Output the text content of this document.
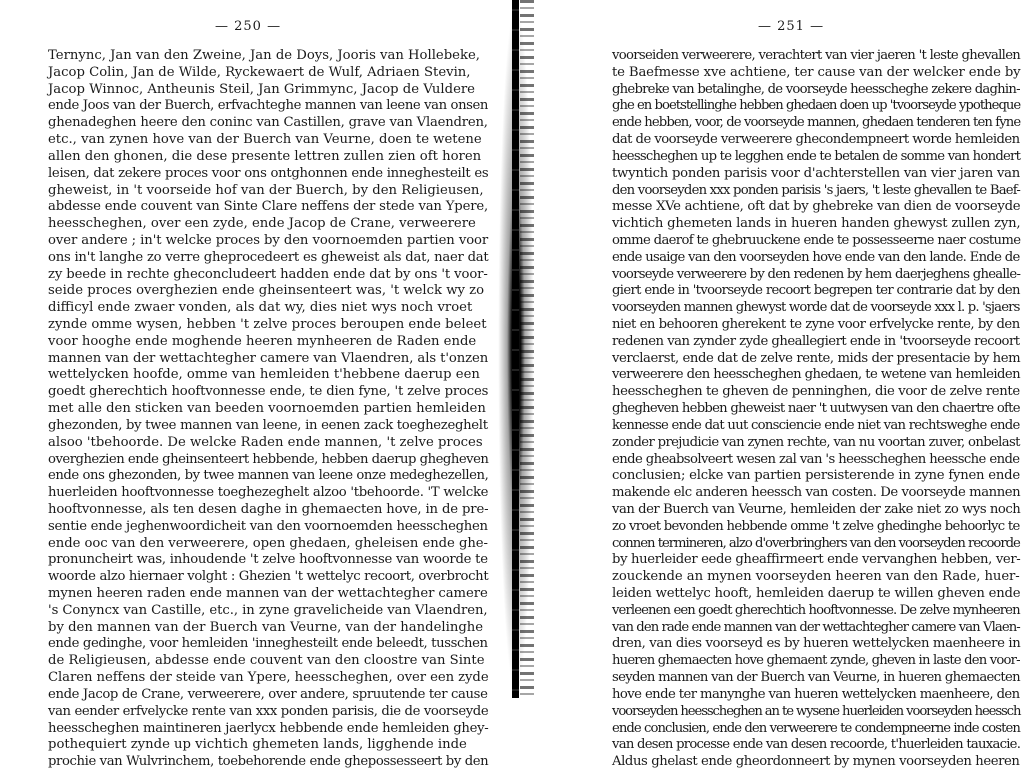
— 250 —
Ternync, Jan van den Zweine, Jan de Doys, Jooris van Hollebeke,
Jacop Colin, Jan de Wilde, Ryckewaert de Wulf, Adriaen Stevin,
Jacop Winnoc, Antheunis Steil, Jan Grimmync, Jacop de Vuldere
ende Joos van der Buerch, erfvachteghe mannen van leene van onsen
ghenadeghen heere den coninc van Castillen, grave van Vlaendren,
etc., van zynen hove van der Buerch van Veurne, doen te wetene
allen den ghonen, die dese presente lettren zullen zien oft horen
leisen, dat zekere proces voor ons ontghonnen ende inneghesteilt es
gheweist, in 't voorseide hof van der Buerch, by den Religieusen,
abdesse ende couvent van Sinte Clare neffens der stede van Ypere,
heesscheghen, over een zyde, ende Jacop de Crane, verweerere
over andere ; in't welcke proces by den voornoemden partien voor
ons in't langhe zo verre gheprocedeert es gheweist als dat, naer dat
zy beede in rechte gheconcludeert hadden ende dat by ons 't voor-
seide proces overghezien ende gheinsenteert was, 't welck wy zo
difficyl ende zwaer vonden, als dat wy, dies niet wys noch vroet
zynde omme wysen, hebben 't zelve proces beroupen ende beleet
voor hooghe ende moghende heeren mynheeren de Raden ende
mannen van der wettachtegher camere van Vlaendren, als t'onzen
wettelycken hoofde, omme van hemleiden t'hebbene daerup een
goedt gherechtich hooftvonnesse ende, te dien fyne, 't zelve proces
met alle den sticken van beeden voornoemden partien hemleiden
ghezonden, by twee mannen van leene, in eenen zack toeghezeghelt
alsoo 'tbehoorde. De welcke Raden ende mannen, 't zelve proces
overghezien ende gheinsenteert hebbende, hebben daerup ghegheven
ende ons ghezonden, by twee mannen van leene onze medeghezellen,
huerleiden hooftvonnesse toeghezeghelt alzoo 'tbehoorde. 'T welcke
hooftvonnesse, als ten desen daghe in ghemaecten hove, in de pre-
sentie ende jeghenwoordicheit van den voornoemden heesscheghen
ende ooc van den verweerere, open ghedaen, gheleisen ende ghe-
pronuncheirt was, inhoudende 't zelve hooftvonnesse van woorde te
woorde alzo hiernaer volght : Ghezien 't wettelyc recoort, overbrocht
mynen heeren raden ende mannen van der wettachtegher camere
's Conyncx van Castille, etc., in zyne gravelicheide van Vlaendren,
by den mannen van der Buerch van Veurne, van der handelinghe
ende gedinghe, voor hemleiden 'inneghesteilt ende beleedt, tusschen
de Religieusen, abdesse ende couvent van den cloostre van Sinte
Claren neffens der steide van Ypere, heesscheghen, over een zyde
ende Jacop de Crane, verweerere, over andere, spruutende ter cause
van eender erfvelycke rente van xxx ponden parisis, die de voorseyde
heesscheghen maintineren jaerlycx hebbende ende hemleiden ghey-
pothequiert zynde up vichtich ghemeten lands, ligghende inde
prochie van Wulvrinchem, toebehorende ende ghepossesseert by den
— 251 —
voorseiden verweerere, verachtert van vier jaeren 't leste ghevallen
te Baefmesse xve achtiene, ter cause van der welcker ende by
ghebreke van betalinghe, de voorseyde heesscheghe zekere daghin-
ghe en boetstellinghe hebben ghedaen doen up 'tvoorseyde ypotheque
ende hebben, voor, de voorseyde mannen, ghedaen tenderen ten fyne
dat de voorseyde verweerere ghecondempneert worde hemleiden
heesscheghen up te legghen ende te betalen de somme van hondert
twyntich ponden parisis voor d'achterstellen van vier jaren van
den voorseyden xxx ponden parisis 's jaers, 't leste ghevallen te Baef-
messe XVe achtiene, oft dat by ghebreke van dien de voorseyde
vichtich ghemeten lands in hueren handen ghewyst zullen zyn,
omme daerof te ghebruuckene ende te possesseerne naer costume
ende usaige van den voorseyden hove ende van den lande. Ende de
voorseyde verweerere by den redenen by hem daerjeghens gheallе-
giert ende in 'tvoorseyde recoort begrepen ter contrarie dat by den
voorseyden mannen ghewyst worde dat de voorseyde xxx l. p. 'sjaers
niet en behooren gherekent te zyne voor erfvelycke rente, by den
redenen van zynder zyde gheallegiert ende in 'tvoorseyde recoort
verclaerst, ende dat de zelve rente, mids der presentacie by hem
verweerere den heesscheghen ghedaen, te wetene van hemleiden
heesscheghen te gheven de penninghen, die voor de zelve rente
ghegheven hebben gheweist naer 't uutwysen van den chaertre ofte
kennesse ende dat uut consciencie ende niet van rechtsweghe ende
zonder prejudicie van zynen rechte, van nu voortan zuver, onbelast
ende gheabsolveert wesen zal van 's heesscheghen heessche ende
conclusien; elcke van partien persisterende in zyne fynen ende
makende elc anderen heessch van costen. De voorseyde mannen
van der Buerch van Veurne, hemleiden der zake niet zo wys noch
zo vroet bevonden hebbende omme 't zelve ghedinghe behoorlyc te
connen termineren, alzo d'overbringhers van den voorseyden recoorde
by huerleider eede gheaffirmeert ende vervanghen hebben, ver-
zouckende an mynen voorseyden heeren van den Rade, huer-
leiden wettelyc hooft, hemleiden daerup te willen gheven ende
verleenen een goedt gherechtich hooftvonnesse. De zelve mynheeren
van den rade ende mannen van der wettachtegher camere van Vlaen-
dren, van dies voorseyd es by hueren wettelycken maenheere in
hueren ghemaecten hove ghemaent zynde, gheven in laste den voor-
seyden mannen van der Buerch van Veurne, in hueren ghemaecten
hove ende ter manynghe van hueren wettelycken maenheere, den
voorseyden heesscheghen an te wysene huerleiden voorseyden heessch
ende conclusien, ende den verweerere te condempneerne inde costen
van desen processe ende van desen recoorde, t'huerleiden tauxacie.
Aldus ghelast ende gheordonneert by mynen voorseyden heeren
